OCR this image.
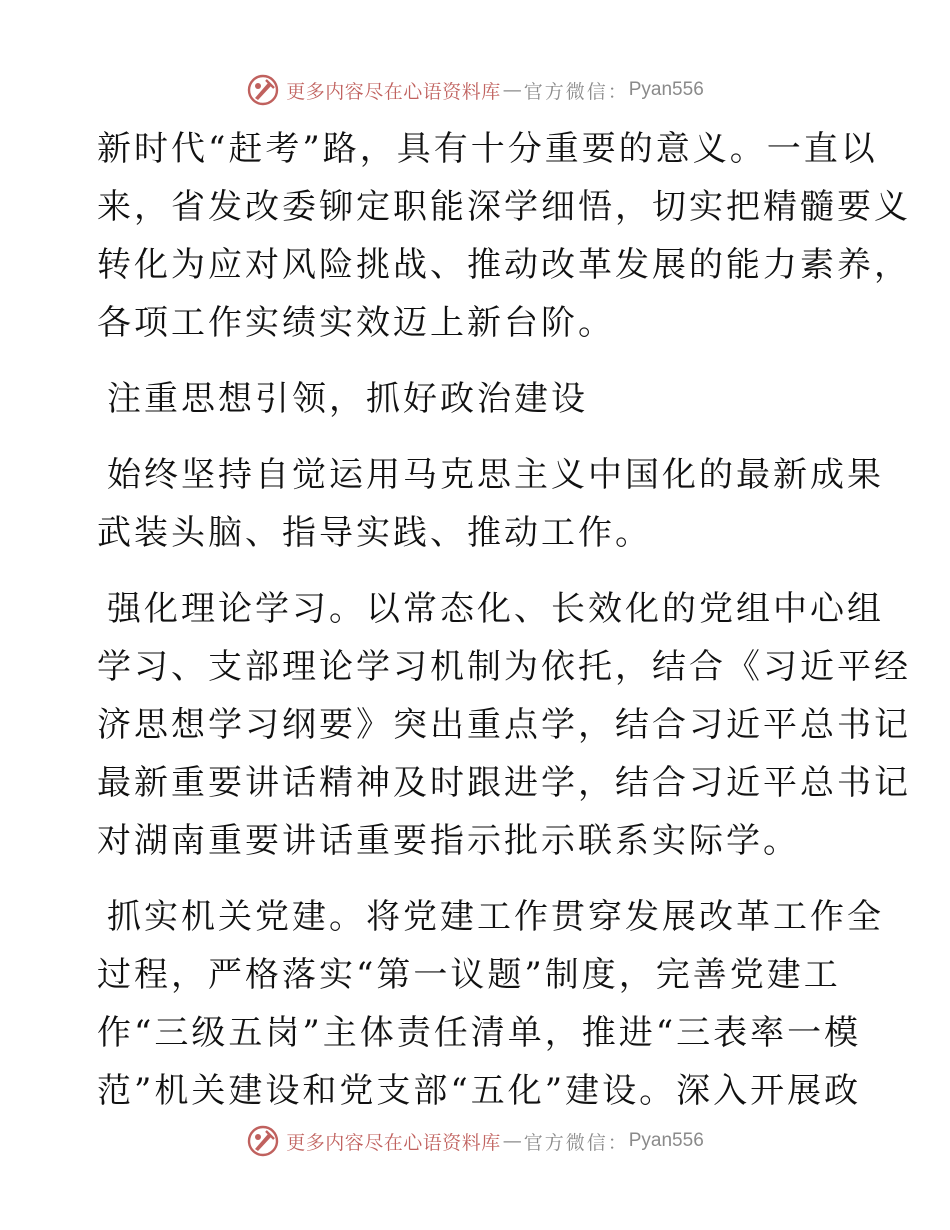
更多内容尽在心语资料库 — 官方微信： Pyan556
新时代“赶考”路，具有十分重要的意义。一直以
来，省发改委铆定职能深学细悟，切实把精髓要义
转化为应对风险挑战、推动改革发展的能力素养，
各项工作实绩实效迈上新台阶。
注重思想引领，抓好政治建设
始终坚持自觉运用马克思主义中国化的最新成果
武装头脑、指导实践、推动工作。
强化理论学习。以常态化、长效化的党组中心组
学习、支部理论学习机制为依托，结合《习近平经
济思想学习纲要》突出重点学，结合习近平总书记
最新重要讲话精神及时跟进学，结合习近平总书记
对湖南重要讲话重要指示批示联系实际学。
抓实机关党建。将党建工作贯穿发展改革工作全
过程，严格落实“第一议题”制度，完善党建工
作“三级五岗”主体责任清单，推进“三表率一模
范”机关建设和党支部“五化”建设。深入开展政
更多内容尽在心语资料库 — 官方微信： Pyan556
